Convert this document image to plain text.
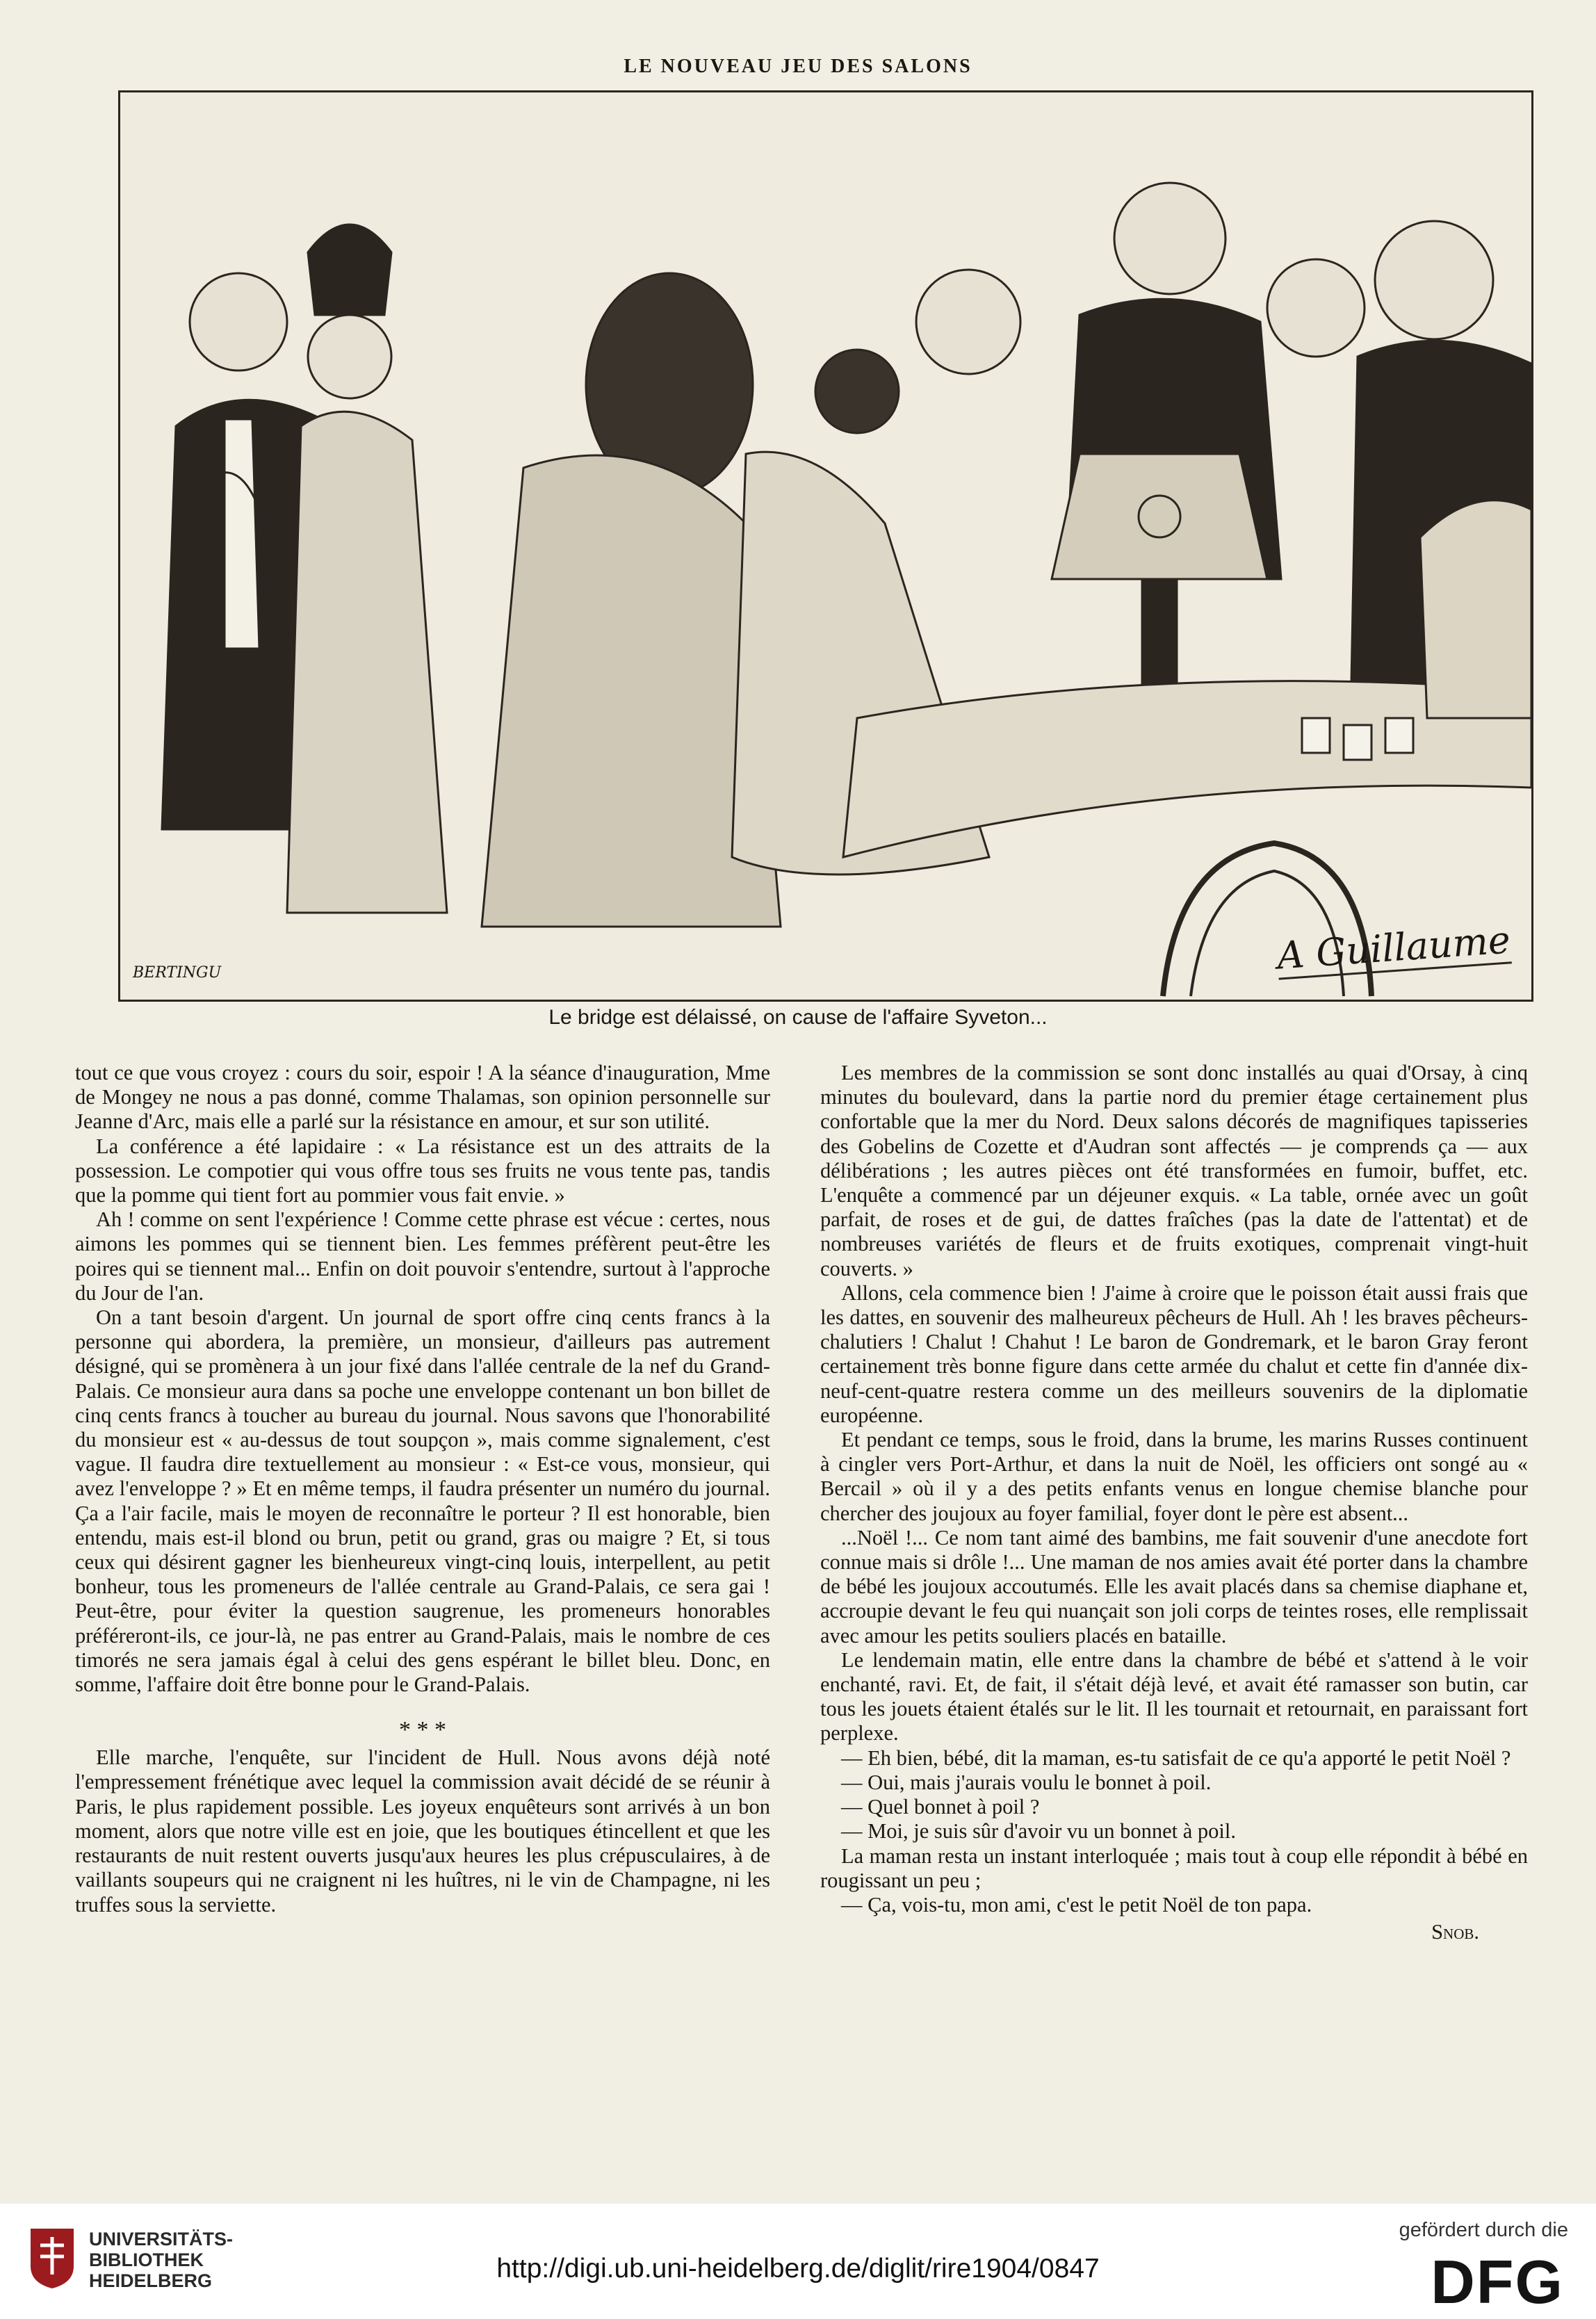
LE NOUVEAU JEU DES SALONS
BERTINGU	A Guillaume
Le bridge est délaissé, on cause de l'affaire Syveton...

tout ce que vous croyez : cours du soir, espoir ! A la séance d'inauguration, Mme de Mongey ne nous a pas donné, comme Thalamas, son opinion personnelle sur Jeanne d'Arc, mais elle a parlé sur la résistance en amour, et sur son utilité.

La conférence a été lapidaire : « La résistance est un des attraits de la possession. Le compotier qui vous offre tous ses fruits ne vous tente pas, tandis que la pomme qui tient fort au pommier vous fait envie. »

Ah ! comme on sent l'expérience ! Comme cette phrase est vécue : certes, nous aimons les pommes qui se tiennent bien. Les femmes préfèrent peut-être les poires qui se tiennent mal... Enfin on doit pouvoir s'entendre, surtout à l'approche du Jour de l'an.

On a tant besoin d'argent. Un journal de sport offre cinq cents francs à la personne qui abordera, la première, un monsieur, d'ailleurs pas autrement désigné, qui se promènera à un jour fixé dans l'allée centrale de la nef du Grand-Palais. Ce monsieur aura dans sa poche une enveloppe contenant un bon billet de cinq cents francs à toucher au bureau du journal. Nous savons que l'honorabilité du monsieur est « au-dessus de tout soupçon », mais comme signalement, c'est vague. Il faudra dire textuellement au monsieur : « Est-ce vous, monsieur, qui avez l'enveloppe ? » Et en même temps, il faudra présenter un numéro du journal. Ça a l'air facile, mais le moyen de reconnaître le porteur ? Il est honorable, bien entendu, mais est-il blond ou brun, petit ou grand, gras ou maigre ? Et, si tous ceux qui désirent gagner les bienheureux vingt-cinq louis, interpellent, au petit bonheur, tous les promeneurs de l'allée centrale au Grand-Palais, ce sera gai ! Peut-être, pour éviter la question saugrenue, les promeneurs honorables préféreront-ils, ce jour-là, ne pas entrer au Grand-Palais, mais le nombre de ces timorés ne sera jamais égal à celui des gens espérant le billet bleu. Donc, en somme, l'affaire doit être bonne pour le Grand-Palais.

* * *

Elle marche, l'enquête, sur l'incident de Hull. Nous avons déjà noté l'empressement frénétique avec lequel la commission avait décidé de se réunir à Paris, le plus rapidement possible. Les joyeux enquêteurs sont arrivés à un bon moment, alors que notre ville est en joie, que les boutiques étincellent et que les restaurants de nuit restent ouverts jusqu'aux heures les plus crépusculaires, à de vaillants soupeurs qui ne craignent ni les huîtres, ni le vin de Champagne, ni les truffes sous la serviette.

Les membres de la commission se sont donc installés au quai d'Orsay, à cinq minutes du boulevard, dans la partie nord du premier étage certainement plus confortable que la mer du Nord. Deux salons décorés de magnifiques tapisseries des Gobelins de Cozette et d'Audran sont affectés — je comprends ça — aux délibérations ; les autres pièces ont été transformées en fumoir, buffet, etc. L'enquête a commencé par un déjeuner exquis. « La table, ornée avec un goût parfait, de roses et de gui, de dattes fraîches (pas la date de l'attentat) et de nombreuses variétés de fleurs et de fruits exotiques, comprenait vingt-huit couverts. »

Allons, cela commence bien ! J'aime à croire que le poisson était aussi frais que les dattes, en souvenir des malheureux pêcheurs de Hull. Ah ! les braves pêcheurs-chalutiers ! Chalut ! Chahut ! Le baron de Gondremark, et le baron Gray feront certainement très bonne figure dans cette armée du chalut et cette fin d'année dix-neuf-cent-quatre restera comme un des meilleurs souvenirs de la diplomatie européenne.

Et pendant ce temps, sous le froid, dans la brume, les marins Russes continuent à cingler vers Port-Arthur, et dans la nuit de Noël, les officiers ont songé au « Bercail » où il y a des petits enfants venus en longue chemise blanche pour chercher des joujoux au foyer familial, foyer dont le père est absent...

...Noël !... Ce nom tant aimé des bambins, me fait souvenir d'une anecdote fort connue mais si drôle !... Une maman de nos amies avait été porter dans la chambre de bébé les joujoux accoutumés. Elle les avait placés dans sa chemise diaphane et, accroupie devant le feu qui nuançait son joli corps de teintes roses, elle remplissait avec amour les petits souliers placés en bataille.

Le lendemain matin, elle entre dans la chambre de bébé et s'attend à le voir enchanté, ravi. Et, de fait, il s'était déjà levé, et avait été ramasser son butin, car tous les jouets étaient étalés sur le lit. Il les tournait et retournait, en paraissant fort perplexe.

— Eh bien, bébé, dit la maman, es-tu satisfait de ce qu'a apporté le petit Noël ?

— Oui, mais j'aurais voulu le bonnet à poil.

— Quel bonnet à poil ?

— Moi, je suis sûr d'avoir vu un bonnet à poil.

La maman resta un instant interloquée ; mais tout à coup elle répondit à bébé en rougissant un peu ;

— Ça, vois-tu, mon ami, c'est le petit Noël de ton papa.

Snob.
UNIVERSITÄTS-
BIBLIOTHEK
HEIDELBERG	http://digi.ub.uni-heidelberg.de/diglit/rire1904/0847
gefördert durch die
DFG
